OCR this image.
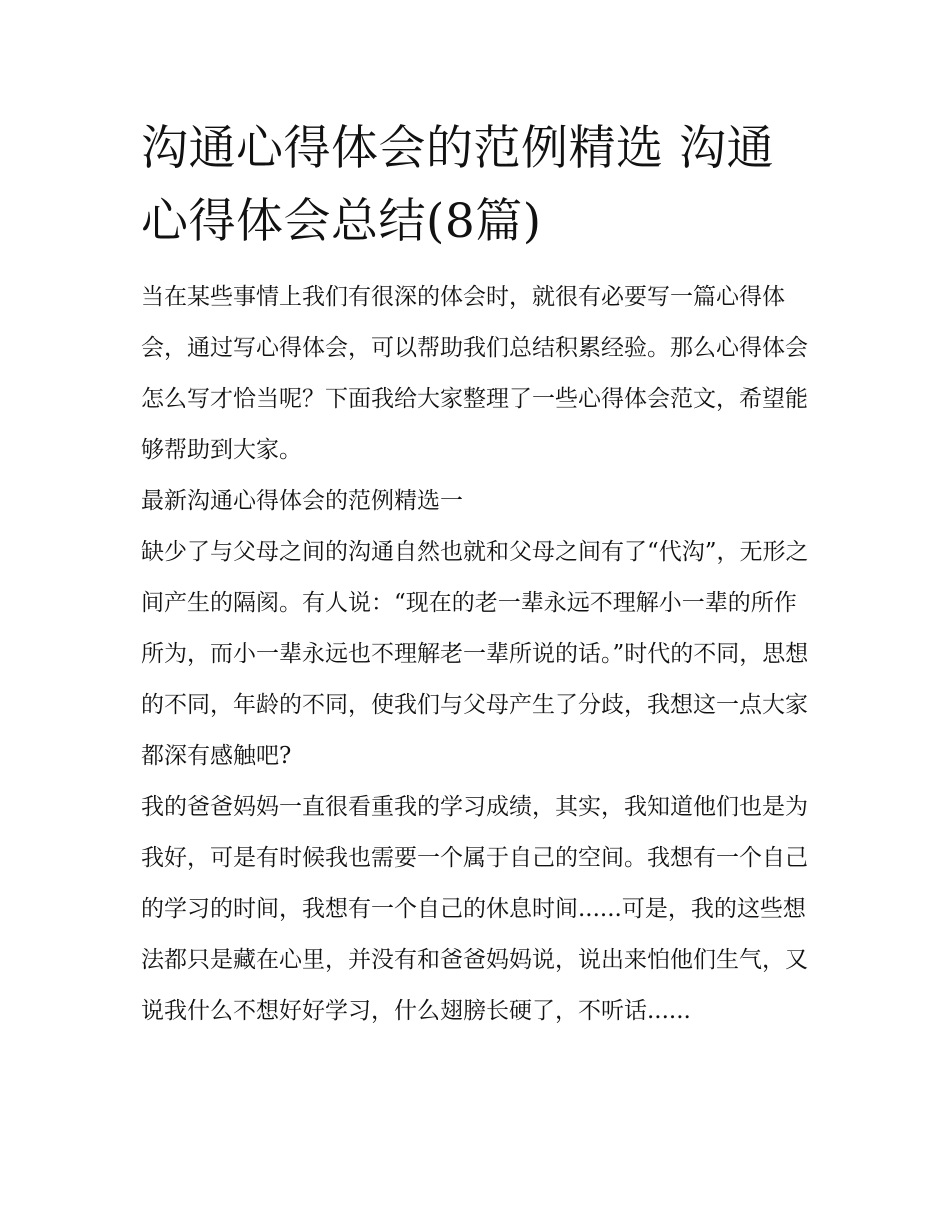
沟通心得体会的范例精选 沟通心得体会总结(8篇)

当在某些事情上我们有很深的体会时，就很有必要写一篇心得体会，通过写心得体会，可以帮助我们总结积累经验。那么心得体会怎么写才恰当呢？下面我给大家整理了一些心得体会范文，希望能够帮助到大家。

最新沟通心得体会的范例精选一

缺少了与父母之间的沟通自然也就和父母之间有了“代沟”，无形之间产生的隔阂。有人说：“现在的老一辈永远不理解小一辈的所作所为，而小一辈永远也不理解老一辈所说的话。”时代的不同，思想的不同，年龄的不同，使我们与父母产生了分歧，我想这一点大家都深有感触吧?

我的爸爸妈妈一直很看重我的学习成绩，其实，我知道他们也是为我好，可是有时候我也需要一个属于自己的空间。我想有一个自己的学习的时间，我想有一个自己的休息时间......可是，我的这些想法都只是藏在心里，并没有和爸爸妈妈说，说出来怕他们生气，又说我什么不想好好学习，什么翅膀长硬了，不听话......
